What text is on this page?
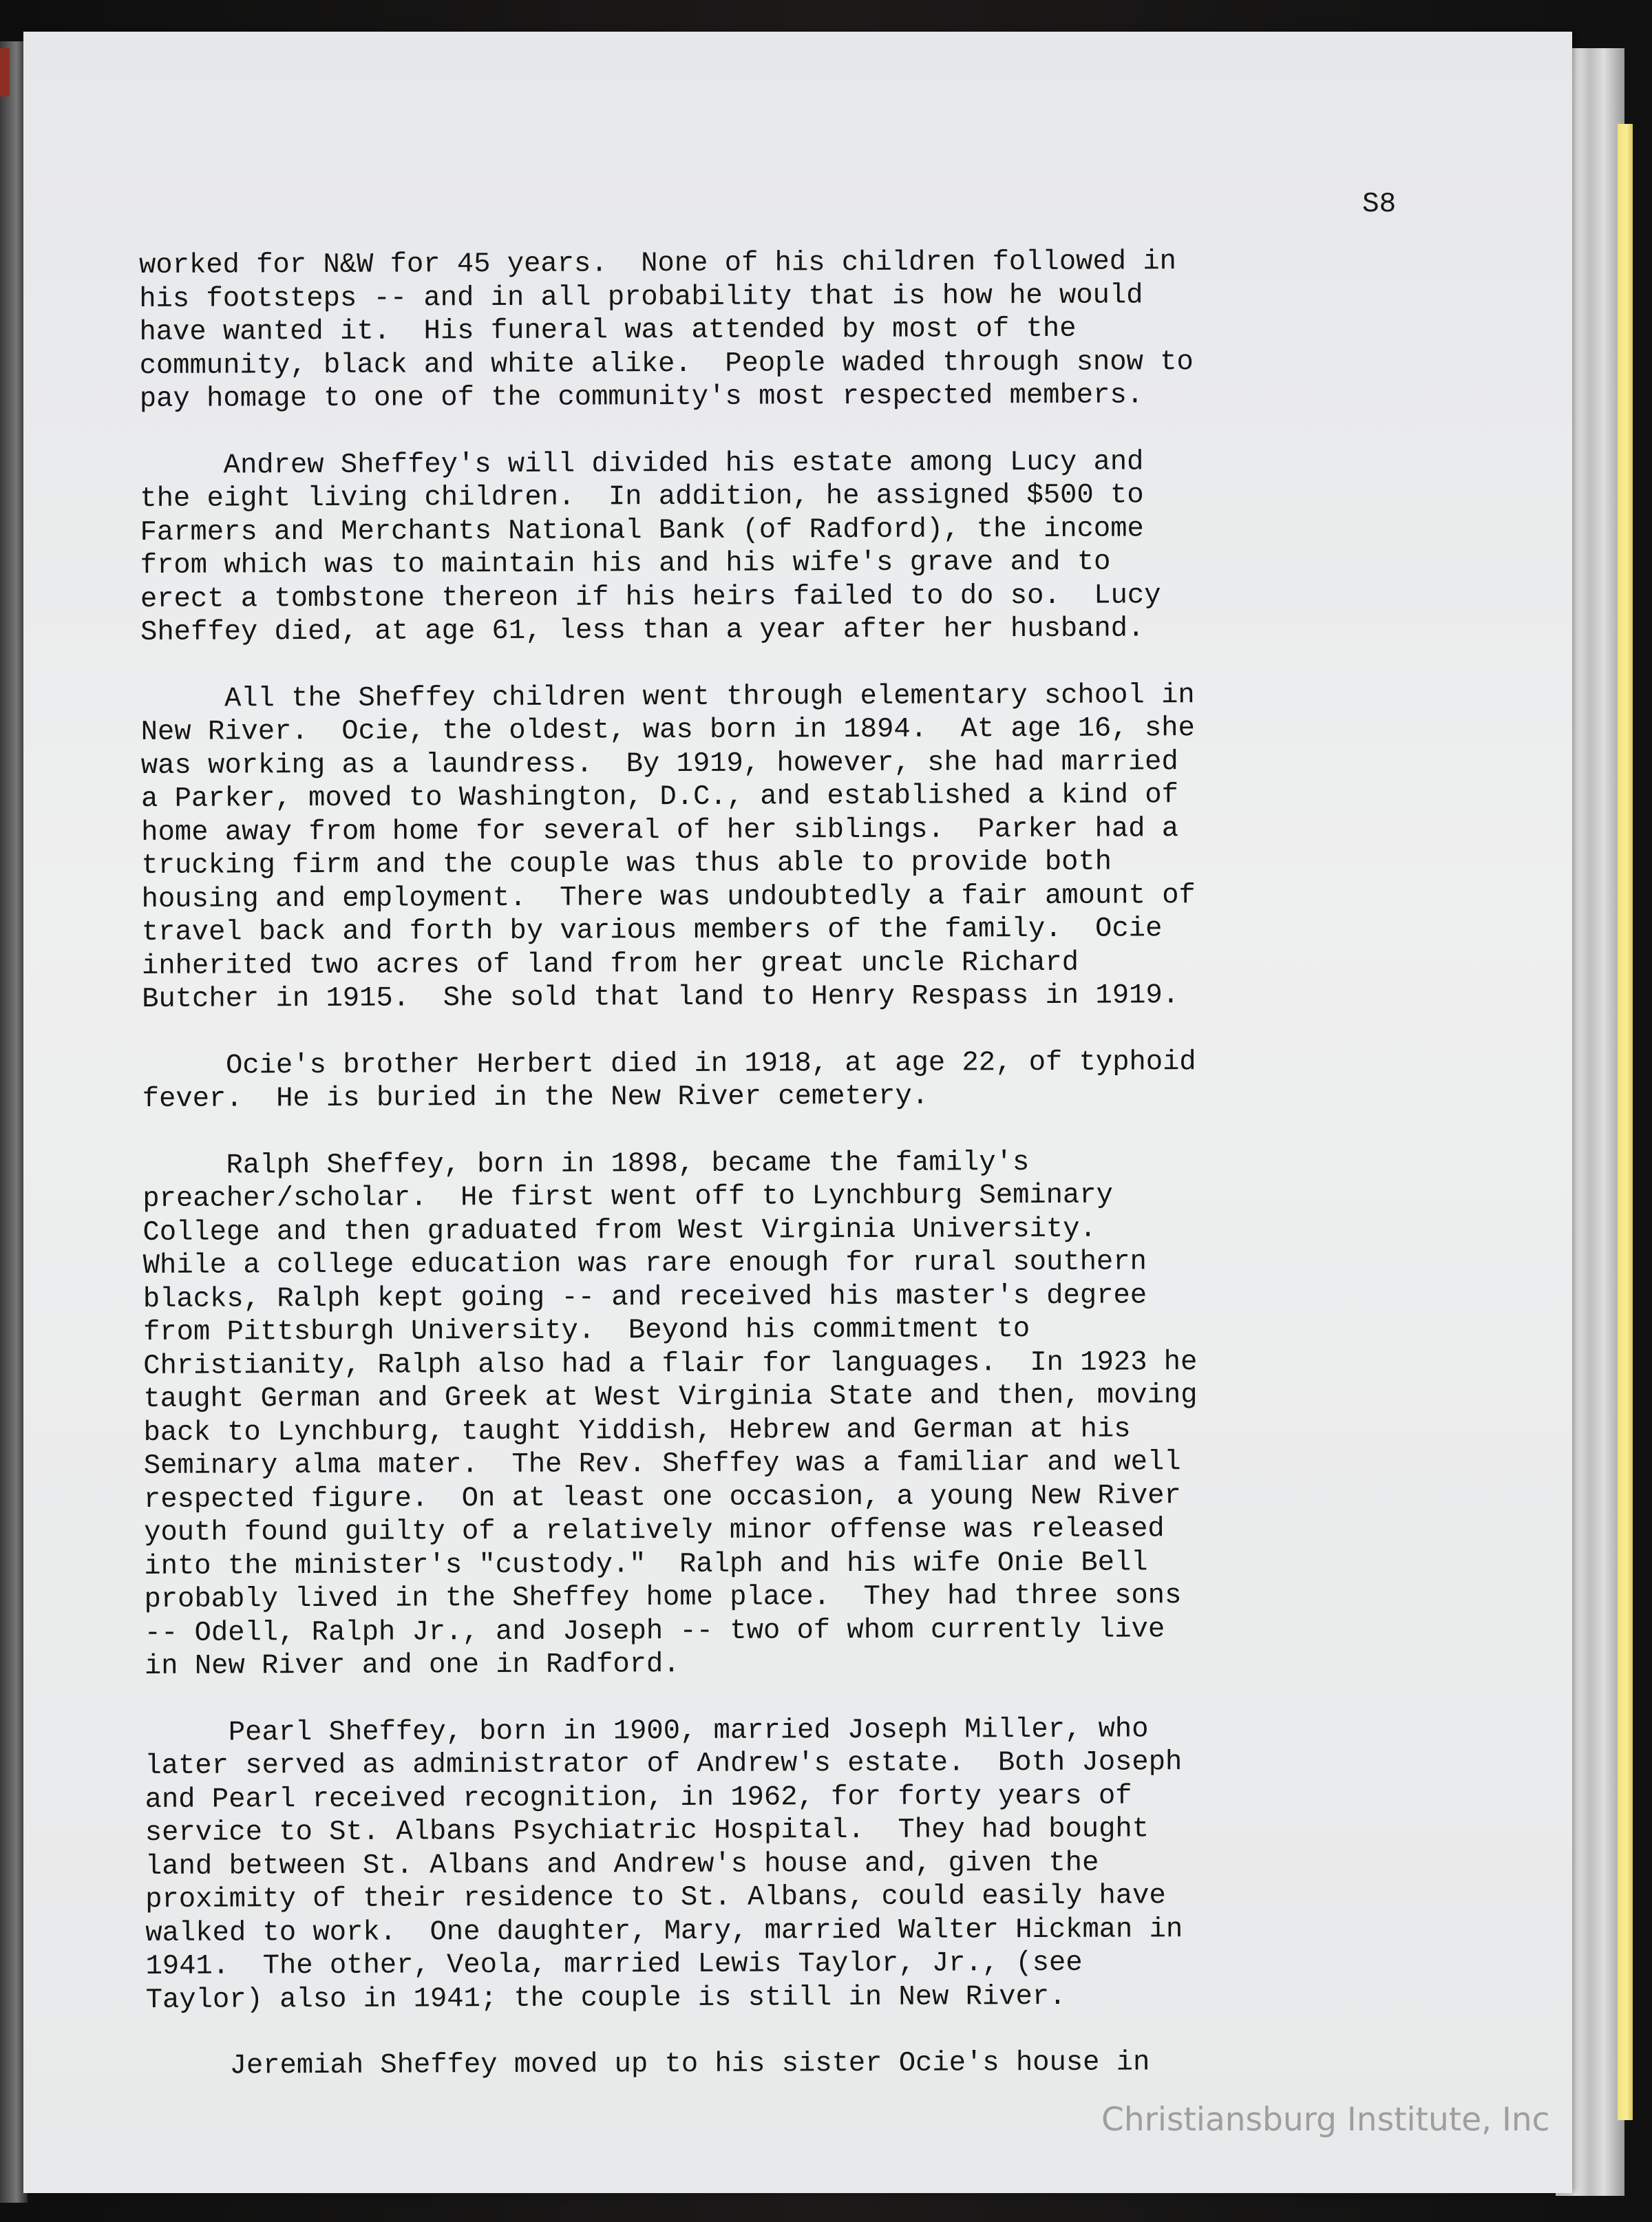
S8

worked for N&W for 45 years.  None of his children followed in
his footsteps -- and in all probability that is how he would
have wanted it.  His funeral was attended by most of the
community, black and white alike.  People waded through snow to
pay homage to one of the community's most respected members.

Andrew Sheffey's will divided his estate among Lucy and
the eight living children.  In addition, he assigned $500 to
Farmers and Merchants National Bank (of Radford), the income
from which was to maintain his and his wife's grave and to
erect a tombstone thereon if his heirs failed to do so.  Lucy
Sheffey died, at age 61, less than a year after her husband.

All the Sheffey children went through elementary school in
New River.  Ocie, the oldest, was born in 1894.  At age 16, she
was working as a laundress.  By 1919, however, she had married
a Parker, moved to Washington, D.C., and established a kind of
home away from home for several of her siblings.  Parker had a
trucking firm and the couple was thus able to provide both
housing and employment.  There was undoubtedly a fair amount of
travel back and forth by various members of the family.  Ocie
inherited two acres of land from her great uncle Richard
Butcher in 1915.  She sold that land to Henry Respass in 1919.

Ocie's brother Herbert died in 1918, at age 22, of typhoid
fever.  He is buried in the New River cemetery.

Ralph Sheffey, born in 1898, became the family's
preacher/scholar.  He first went off to Lynchburg Seminary
College and then graduated from West Virginia University.
While a college education was rare enough for rural southern
blacks, Ralph kept going -- and received his master's degree
from Pittsburgh University.  Beyond his commitment to
Christianity, Ralph also had a flair for languages.  In 1923 he
taught German and Greek at West Virginia State and then, moving
back to Lynchburg, taught Yiddish, Hebrew and German at his
Seminary alma mater.  The Rev. Sheffey was a familiar and well
respected figure.  On at least one occasion, a young New River
youth found guilty of a relatively minor offense was released
into the minister's "custody."  Ralph and his wife Onie Bell
probably lived in the Sheffey home place.  They had three sons
-- Odell, Ralph Jr., and Joseph -- two of whom currently live
in New River and one in Radford.

Pearl Sheffey, born in 1900, married Joseph Miller, who
later served as administrator of Andrew's estate.  Both Joseph
and Pearl received recognition, in 1962, for forty years of
service to St. Albans Psychiatric Hospital.  They had bought
land between St. Albans and Andrew's house and, given the
proximity of their residence to St. Albans, could easily have
walked to work.  One daughter, Mary, married Walter Hickman in
1941.  The other, Veola, married Lewis Taylor, Jr., (see
Taylor) also in 1941; the couple is still in New River.

Jeremiah Sheffey moved up to his sister Ocie's house in

Christiansburg Institute, Inc
